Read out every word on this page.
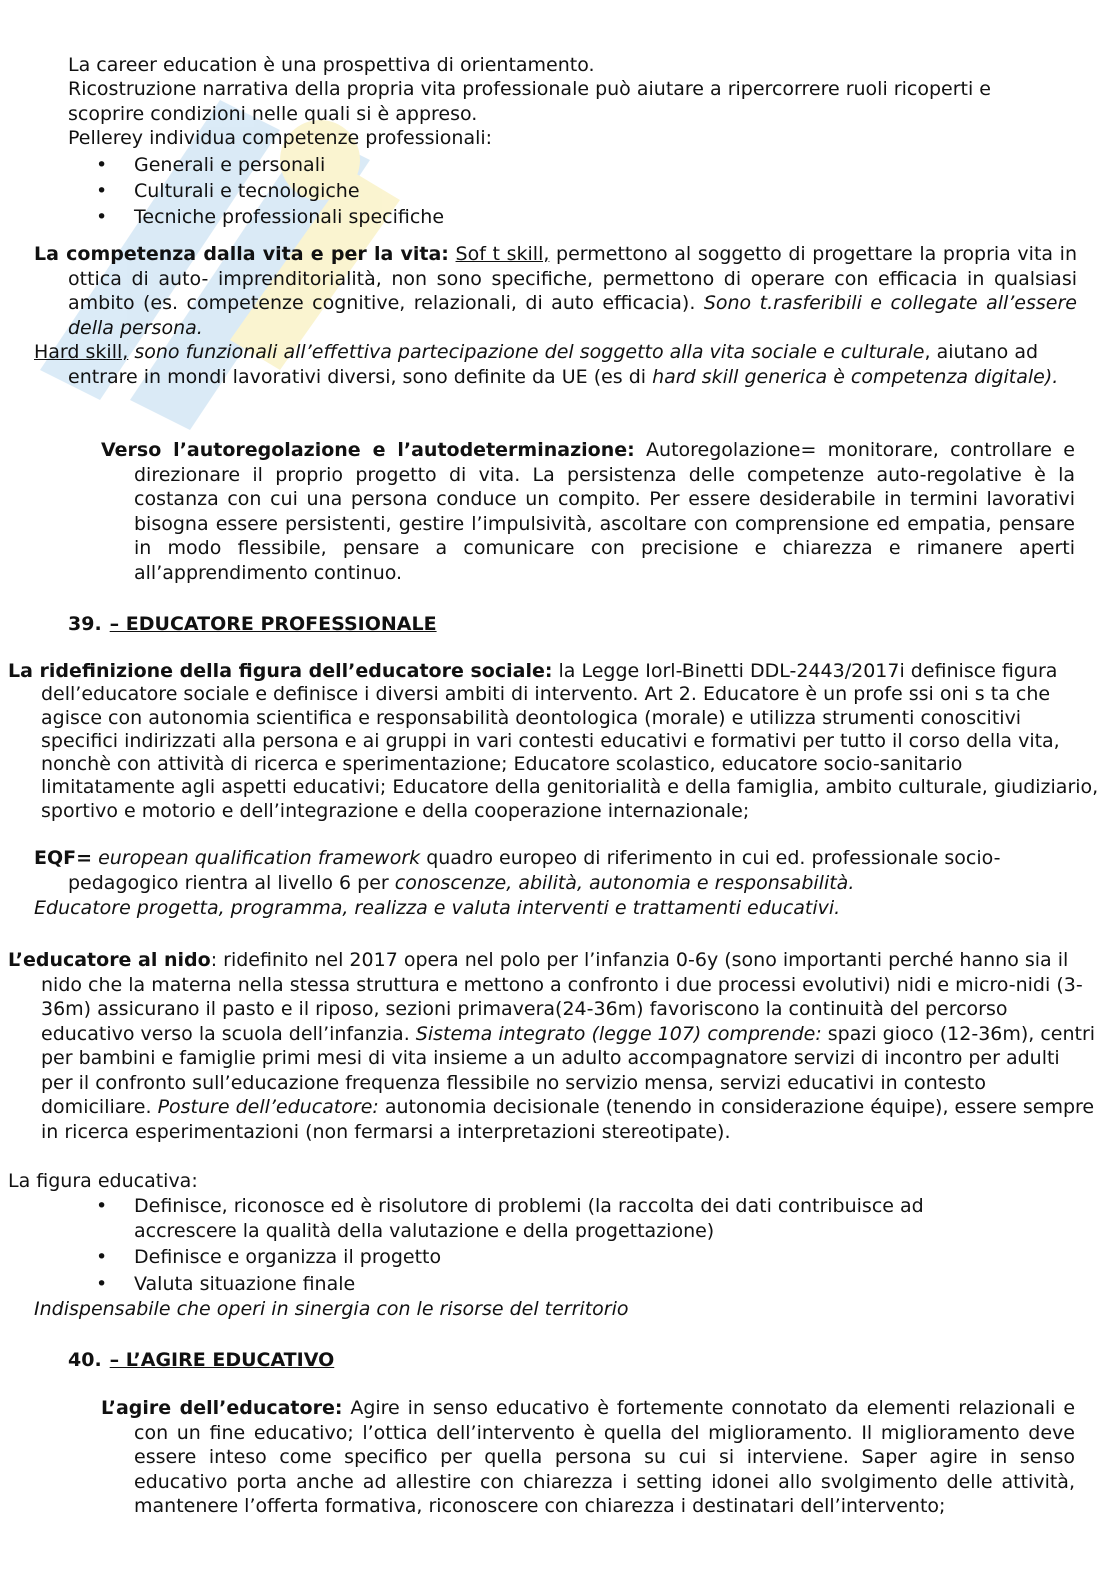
La career education è una prospettiva di orientamento.
Ricostruzione narrativa della propria vita professionale può aiutare a ripercorrere ruoli ricoperti e scoprire condizioni nelle quali si è appreso.
Pellerey individua competenze professionali:
• Generali e personali
• Culturali e tecnologiche
• Tecniche professionali specifiche

La competenza dalla vita e per la vita: Sof t skill, permettono al soggetto di progettare la propria vita in ottica di auto- imprenditorialità, non sono specifiche, permettono di operare con efficacia in qualsiasi ambito (es. competenze cognitive, relazionali, di auto efficacia). Sono t.rasferibili e collegate all’essere della persona.

Hard skill, sono funzionali all’effettiva partecipazione del soggetto alla vita sociale e culturale, aiutano ad entrare in mondi lavorativi diversi, sono definite da UE (es di hard skill generica è competenza digitale).

Verso l’autoregolazione e l’autodeterminazione: Autoregolazione= monitorare, controllare e direzionare il proprio progetto di vita. La persistenza delle competenze auto-regolative è la costanza con cui una persona conduce un compito. Per essere desiderabile in termini lavorativi bisogna essere persistenti, gestire l’impulsività, ascoltare con comprensione ed empatia, pensare in modo flessibile, pensare a comunicare con precisione e chiarezza e rimanere aperti all’apprendimento continuo.

39. – EDUCATORE PROFESSIONALE

La ridefinizione della figura dell’educatore sociale: la Legge Iorl-Binetti DDL-2443/2017i definisce figura dell’educatore sociale e definisce i diversi ambiti di intervento. Art 2. Educatore è un profe ssi oni s ta che agisce con autonomia scientifica e responsabilità deontologica (morale) e utilizza strumenti conoscitivi specifici indirizzati alla persona e ai gruppi in vari contesti educativi e formativi per tutto il corso della vita, nonchè con attività di ricerca e sperimentazione; Educatore scolastico, educatore socio-sanitario limitatamente agli aspetti educativi; Educatore della genitorialità e della famiglia, ambito culturale, giudiziario, sportivo e motorio e dell’integrazione e della cooperazione internazionale;

EQF= european qualification framework quadro europeo di riferimento in cui ed. professionale socio-pedagogico rientra al livello 6 per conoscenze, abilità, autonomia e responsabilità.

Educatore progetta, programma, realizza e valuta interventi e trattamenti educativi.

L’educatore al nido: ridefinito nel 2017 opera nel polo per l’infanzia 0-6y (sono importanti perché hanno sia il nido che la materna nella stessa struttura e mettono a confronto i due processi evolutivi) nidi e micro-nidi (3-36m) assicurano il pasto e il riposo, sezioni primavera(24-36m) favoriscono la continuità del percorso educativo verso la scuola dell’infanzia. Sistema integrato (legge 107) comprende: spazi gioco (12-36m), centri per bambini e famiglie primi mesi di vita insieme a un adulto accompagnatore servizi di incontro per adulti per il confronto sull’educazione frequenza flessibile no servizio mensa, servizi educativi in contesto domiciliare. Posture dell’educatore: autonomia decisionale (tenendo in considerazione équipe), essere sempre in ricerca esperimentazioni (non fermarsi a interpretazioni stereotipate).

La figura educativa:
• Definisce, riconosce ed è risolutore di problemi (la raccolta dei dati contribuisce ad accrescere la qualità della valutazione e della progettazione)
• Definisce e organizza il progetto
• Valuta situazione finale
Indispensabile che operi in sinergia con le risorse del territorio
40. – L’AGIRE EDUCATIVO

L’agire dell’educatore: Agire in senso educativo è fortemente connotato da elementi relazionali e con un fine educativo; l’ottica dell’intervento è quella del miglioramento. Il miglioramento deve essere inteso come specifico per quella persona su cui si interviene. Saper agire in senso educativo porta anche ad allestire con chiarezza i setting idonei allo svolgimento delle attività, mantenere l’offerta formativa, riconoscere con chiarezza i destinatari dell’intervento;
